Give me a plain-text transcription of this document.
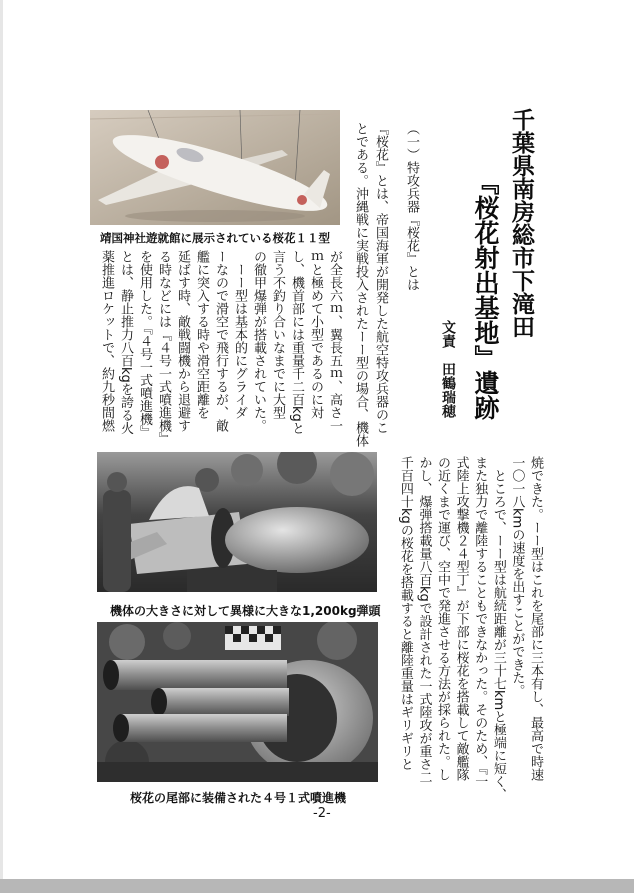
千葉県南房総市下滝田
『桜花射出基地』遺跡
文責　田鶴瑞穂
（一）特攻兵器『桜花』とは
『桜花』とは、帝国海軍が開発した航空特攻兵器のこ
とである。沖縄戦に実戦投入されたーー型の場合、機体
靖国神社遊就館に展示されている桜花１１型
が全長六ｍ、翼長五ｍ、高さ一
ｍと極めて小型であるのに対
し、機首部には重量千二百kgと
言う不釣り合いなまでに大型
の徹甲爆弾が搭載されていた。
　ーー型は基本的にグライダ
ーなので滑空で飛行するが、敵
艦に突入する時や滑空距離を
延ばす時、敵戦闘機から退避す
る時などには『４号一式噴進機』
を使用した。『４号一式噴進機』
とは、静止推力八百kgを誇る火
薬推進ロケットで、約九秒間燃
焼できた。ーー型はこれを尾部に三本有し、最高で時速
一〇一八kmの速度を出すことができた。
　ところで、ーー型は航続距離が三十七kmと極端に短く、
また独力で離陸することもできなかった。そのため、『一
式陸上攻撃機２４型丁』が下部に桜花を搭載して敵艦隊
の近くまで運び、空中で発進させる方法が採られた。し
かし、爆弾搭載量八百kgで設計された一式陸攻が重さ二
千百四十kgの桜花を搭載すると離陸重量はギリギリと
機体の大きさに対して異様に大きな1,200kg弾頭
桜花の尾部に装備された４号１式噴進機
-2-
